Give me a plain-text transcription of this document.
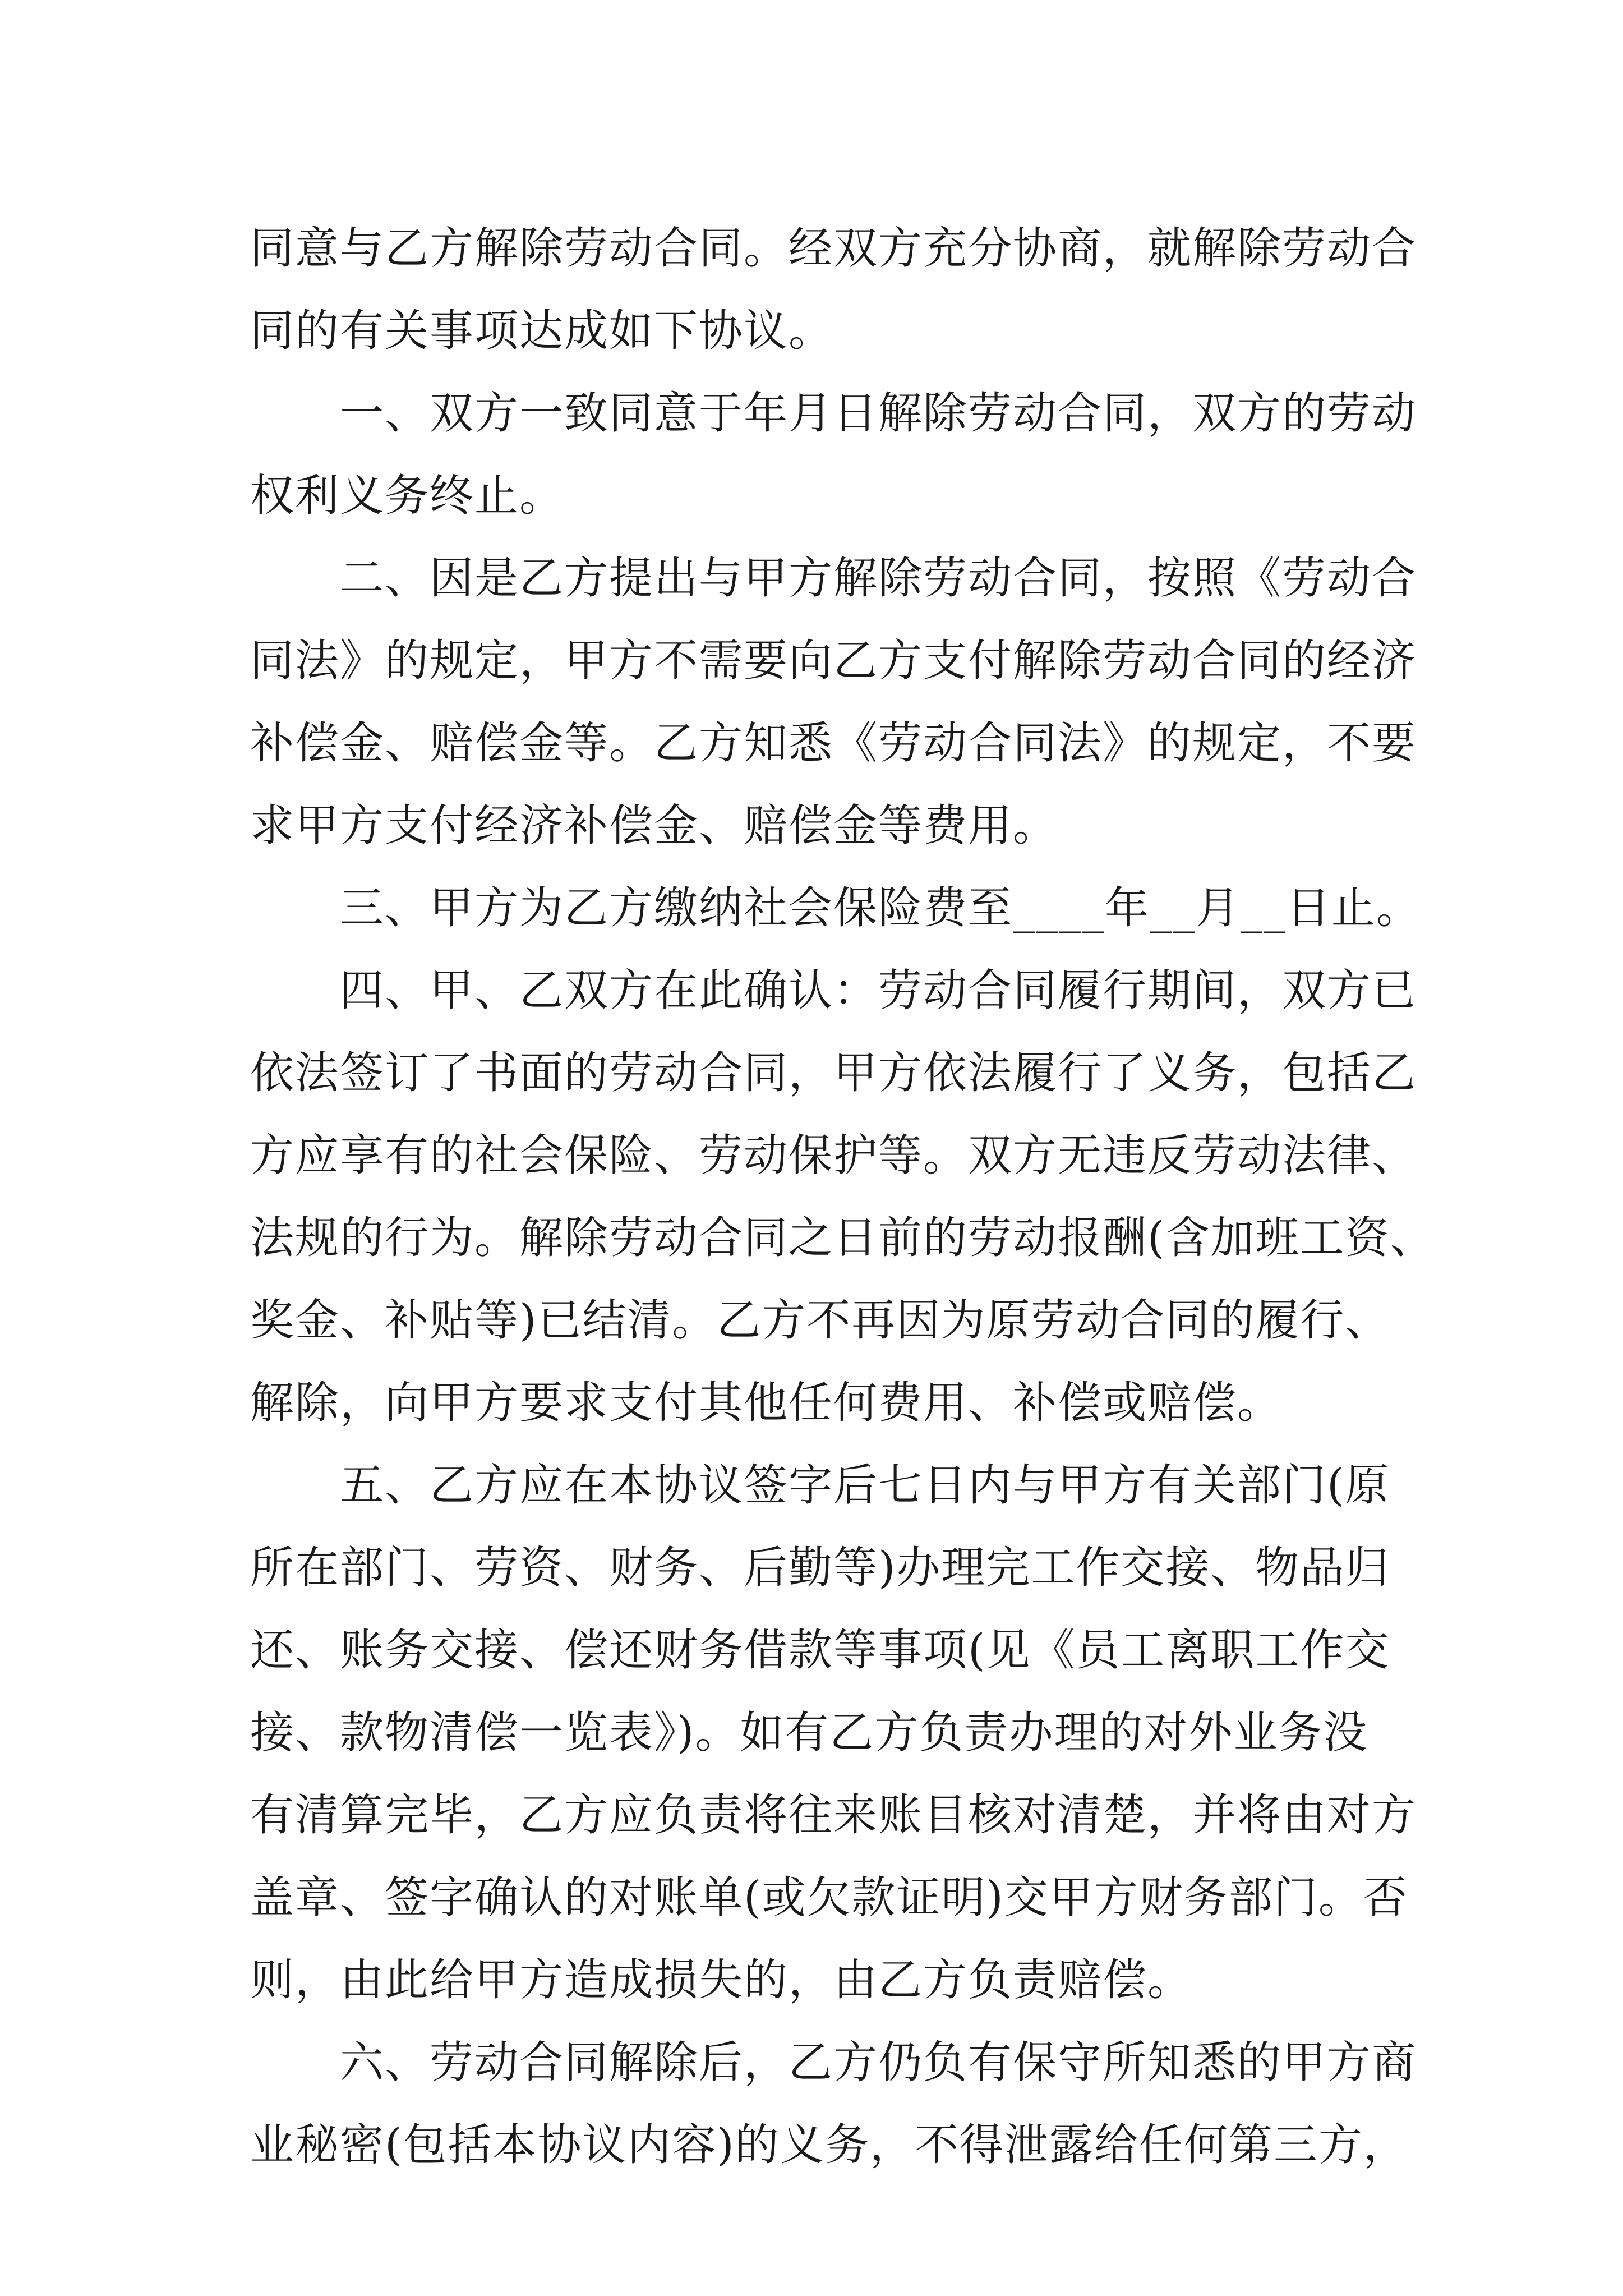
同意与乙方解除劳动合同。经双方充分协商，就解除劳动合
同的有关事项达成如下协议。
一、双方一致同意于年月日解除劳动合同，双方的劳动
权利义务终止。
二、因是乙方提出与甲方解除劳动合同，按照《劳动合
同法》的规定，甲方不需要向乙方支付解除劳动合同的经济
补偿金、赔偿金等。乙方知悉《劳动合同法》的规定，不要
求甲方支付经济补偿金、赔偿金等费用。
三、甲方为乙方缴纳社会保险费至____年__月__日止。
四、甲、乙双方在此确认：劳动合同履行期间，双方已
依法签订了书面的劳动合同，甲方依法履行了义务，包括乙
方应享有的社会保险、劳动保护等。双方无违反劳动法律、
法规的行为。解除劳动合同之日前的劳动报酬(含加班工资、
奖金、补贴等)已结清。乙方不再因为原劳动合同的履行、
解除，向甲方要求支付其他任何费用、补偿或赔偿。
五、乙方应在本协议签字后七日内与甲方有关部门(原
所在部门、劳资、财务、后勤等)办理完工作交接、物品归
还、账务交接、偿还财务借款等事项(见《员工离职工作交
接、款物清偿一览表》)。如有乙方负责办理的对外业务没
有清算完毕，乙方应负责将往来账目核对清楚，并将由对方
盖章、签字确认的对账单(或欠款证明)交甲方财务部门。否
则，由此给甲方造成损失的，由乙方负责赔偿。
六、劳动合同解除后，乙方仍负有保守所知悉的甲方商
业秘密(包括本协议内容)的义务，不得泄露给任何第三方，
